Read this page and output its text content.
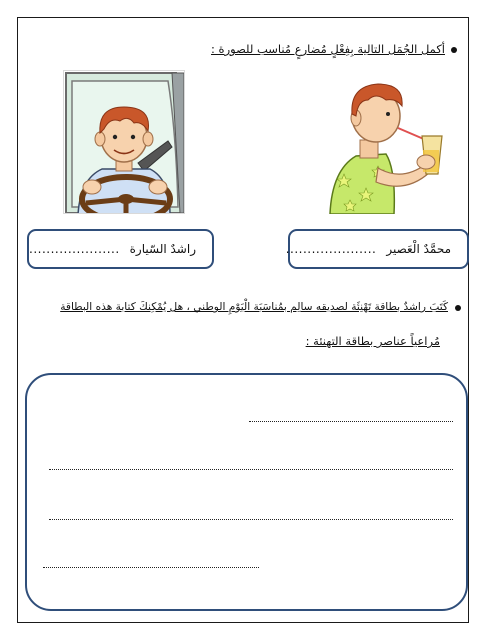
أكمل الجُمَل التالية بِفِعْلٍ مُضارعٍ مُناسب للصورة :
محمَّدٌ الْعَصير
.....................
راشدٌ السّيارة
.....................
كَتَبَ راشدٌ بطاقة تَهْنِئَة لصديقه سالِم بمُناسَبَة الْيَوْمِ الوطني ، هل يُمْكِنكَ كتابة هذه البطاقة
مُراعياً عناصر بطاقة التهنئة :
